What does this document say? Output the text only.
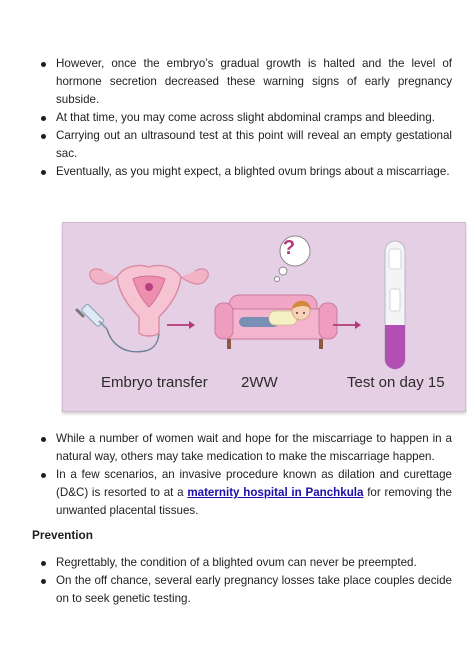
However, once the embryo’s gradual growth is halted and the level of hormone secretion decreased these warning signs of early pregnancy subside.
At that time, you may come across slight abdominal cramps and bleeding.
Carrying out an ultrasound test at this point will reveal an empty gestational sac.
Eventually, as you might expect, a blighted ovum brings about a miscarriage.
?
Embryo transfer 2WW	Test on day 15
While a number of women wait and hope for the miscarriage to happen in a natural way, others may take medication to make the miscarriage happen.
In a few scenarios, an invasive procedure known as dilation and curettage (D&C) is resorted to at a maternity hospital in Panchkula for removing the unwanted placental tissues.
Prevention
Regrettably, the condition of a blighted ovum can never be preempted.
On the off chance, several early pregnancy losses take place couples decide on to seek genetic testing.
